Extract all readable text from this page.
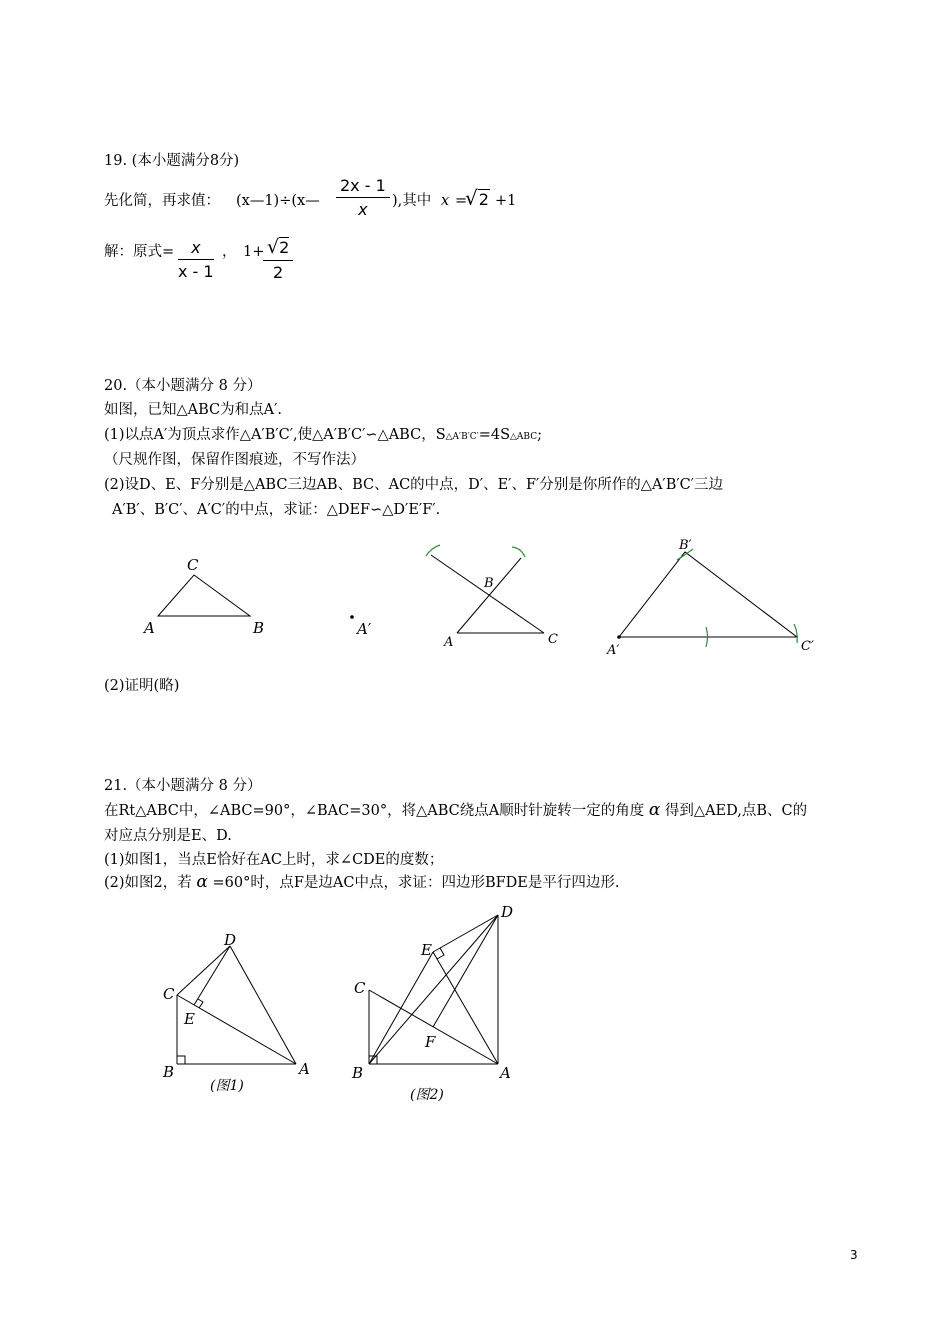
19. (本小题满分8分)
先化简，再求值： (x—1)÷(x— $\frac{2x - 1}{x}$ ),其中 x =
√2 +1
解：原式= $\frac{x}{x - 1}$ ， 1+
$\frac{√2}{2}$
20.（本小题满分 8 分）
如图，已知△ABC为和点A′.
(1)以点A′为顶点求作△A′B′C′,使△A′B′C′∽△ABC，S△A′B′C′=4S△ABC;
（尺规作图，保留作图痕迹，不写作法）
(2)设D、E、F分别是△ABC三边AB、BC、AC的中点，D′、E′、F′分别是你所作的△A′B′C′三边
A′B′、B′C′、A′C′的中点，求证：△DEF∽△D′E′F′.
C
A	B	A′
B
A	C
B′
A′	C′
(2)证明(略)
21.（本小题满分 8 分）
在Rt△ABC中，∠ABC=90°，∠BAC=30°，将△ABC绕点A顺时针旋转一定的角度 α 得到△AED,点B、C的
对应点分别是E、D.
(1)如图1，当点E恰好在AC上时，求∠CDE的度数；
(2)如图2，若 α =60°时，点F是边AC中点，求证：四边形BFDE是平行四边形.
D
C
E
B	A
(图1)
D
E
C
F
B	A
(图2)
3
